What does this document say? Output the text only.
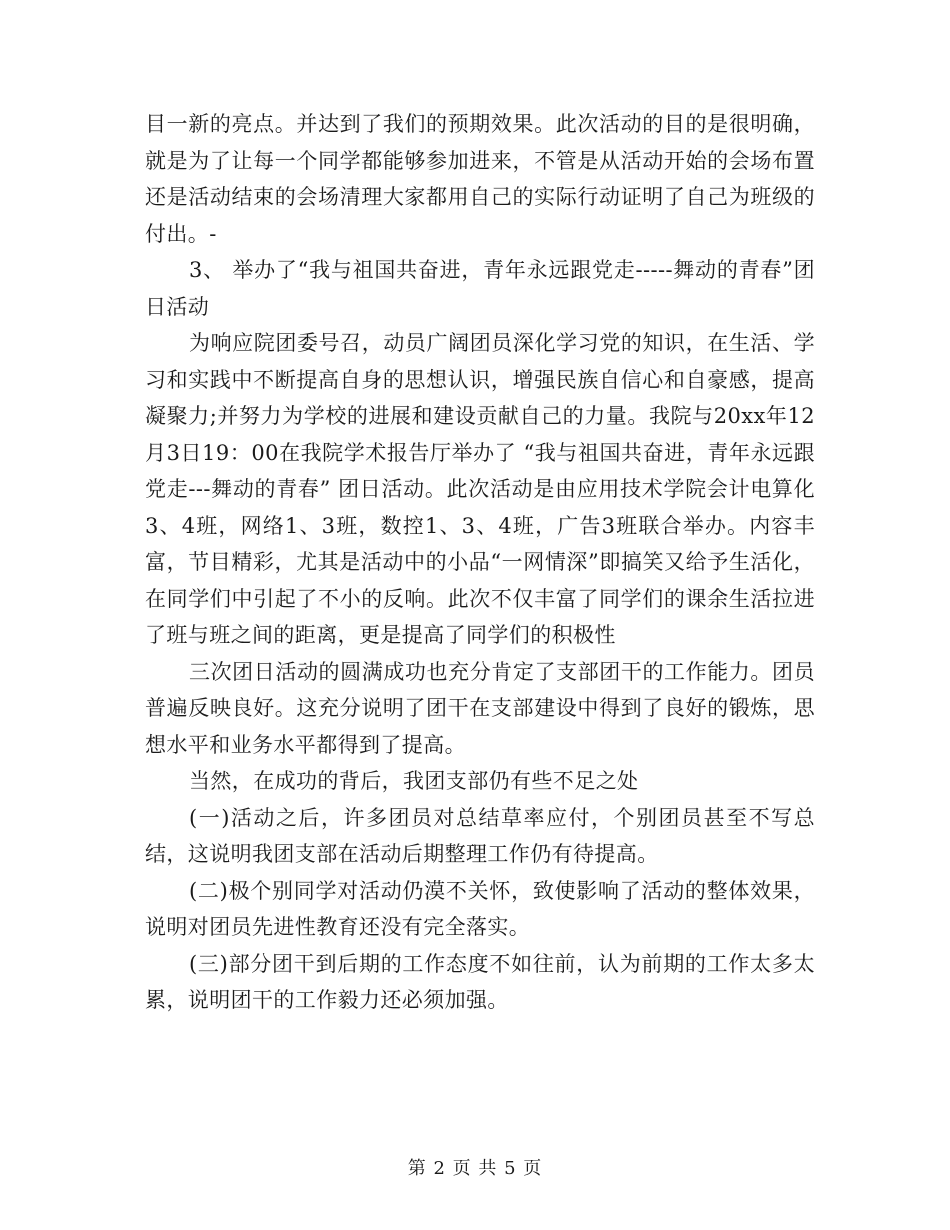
目一新的亮点。并达到了我们的预期效果。此次活动的目的是很明确，就是为了让每一个同学都能够参加进来，不管是从活动开始的会场布置还是活动结束的会场清理大家都用自己的实际行动证明了自己为班级的付出。-

3、 举办了“我与祖国共奋进，青年永远跟党走-----舞动的青春”团日活动

为响应院团委号召，动员广阔团员深化学习党的知识，在生活、学习和实践中不断提高自身的思想认识，增强民族自信心和自豪感，提高凝聚力;并努力为学校的进展和建设贡献自己的力量。我院与20xx年12月3日19：00在我院学术报告厅举办了 “我与祖国共奋进，青年永远跟党走---舞动的青春” 团日活动。此次活动是由应用技术学院会计电算化3、4班，网络1、3班，数控1、3、4班，广告3班联合举办。内容丰富，节目精彩，尤其是活动中的小品“一网情深”即搞笑又给予生活化，在同学们中引起了不小的反响。此次不仅丰富了同学们的课余生活拉进了班与班之间的距离，更是提高了同学们的积极性

三次团日活动的圆满成功也充分肯定了支部团干的工作能力。团员普遍反映良好。这充分说明了团干在支部建设中得到了良好的锻炼，思想水平和业务水平都得到了提高。

当然，在成功的背后，我团支部仍有些不足之处

(一)活动之后，许多团员对总结草率应付，个别团员甚至不写总结，这说明我团支部在活动后期整理工作仍有待提高。

(二)极个别同学对活动仍漠不关怀，致使影响了活动的整体效果，说明对团员先进性教育还没有完全落实。

(三)部分团干到后期的工作态度不如往前，认为前期的工作太多太累，说明团干的工作毅力还必须加强。

第 2 页 共 5 页
